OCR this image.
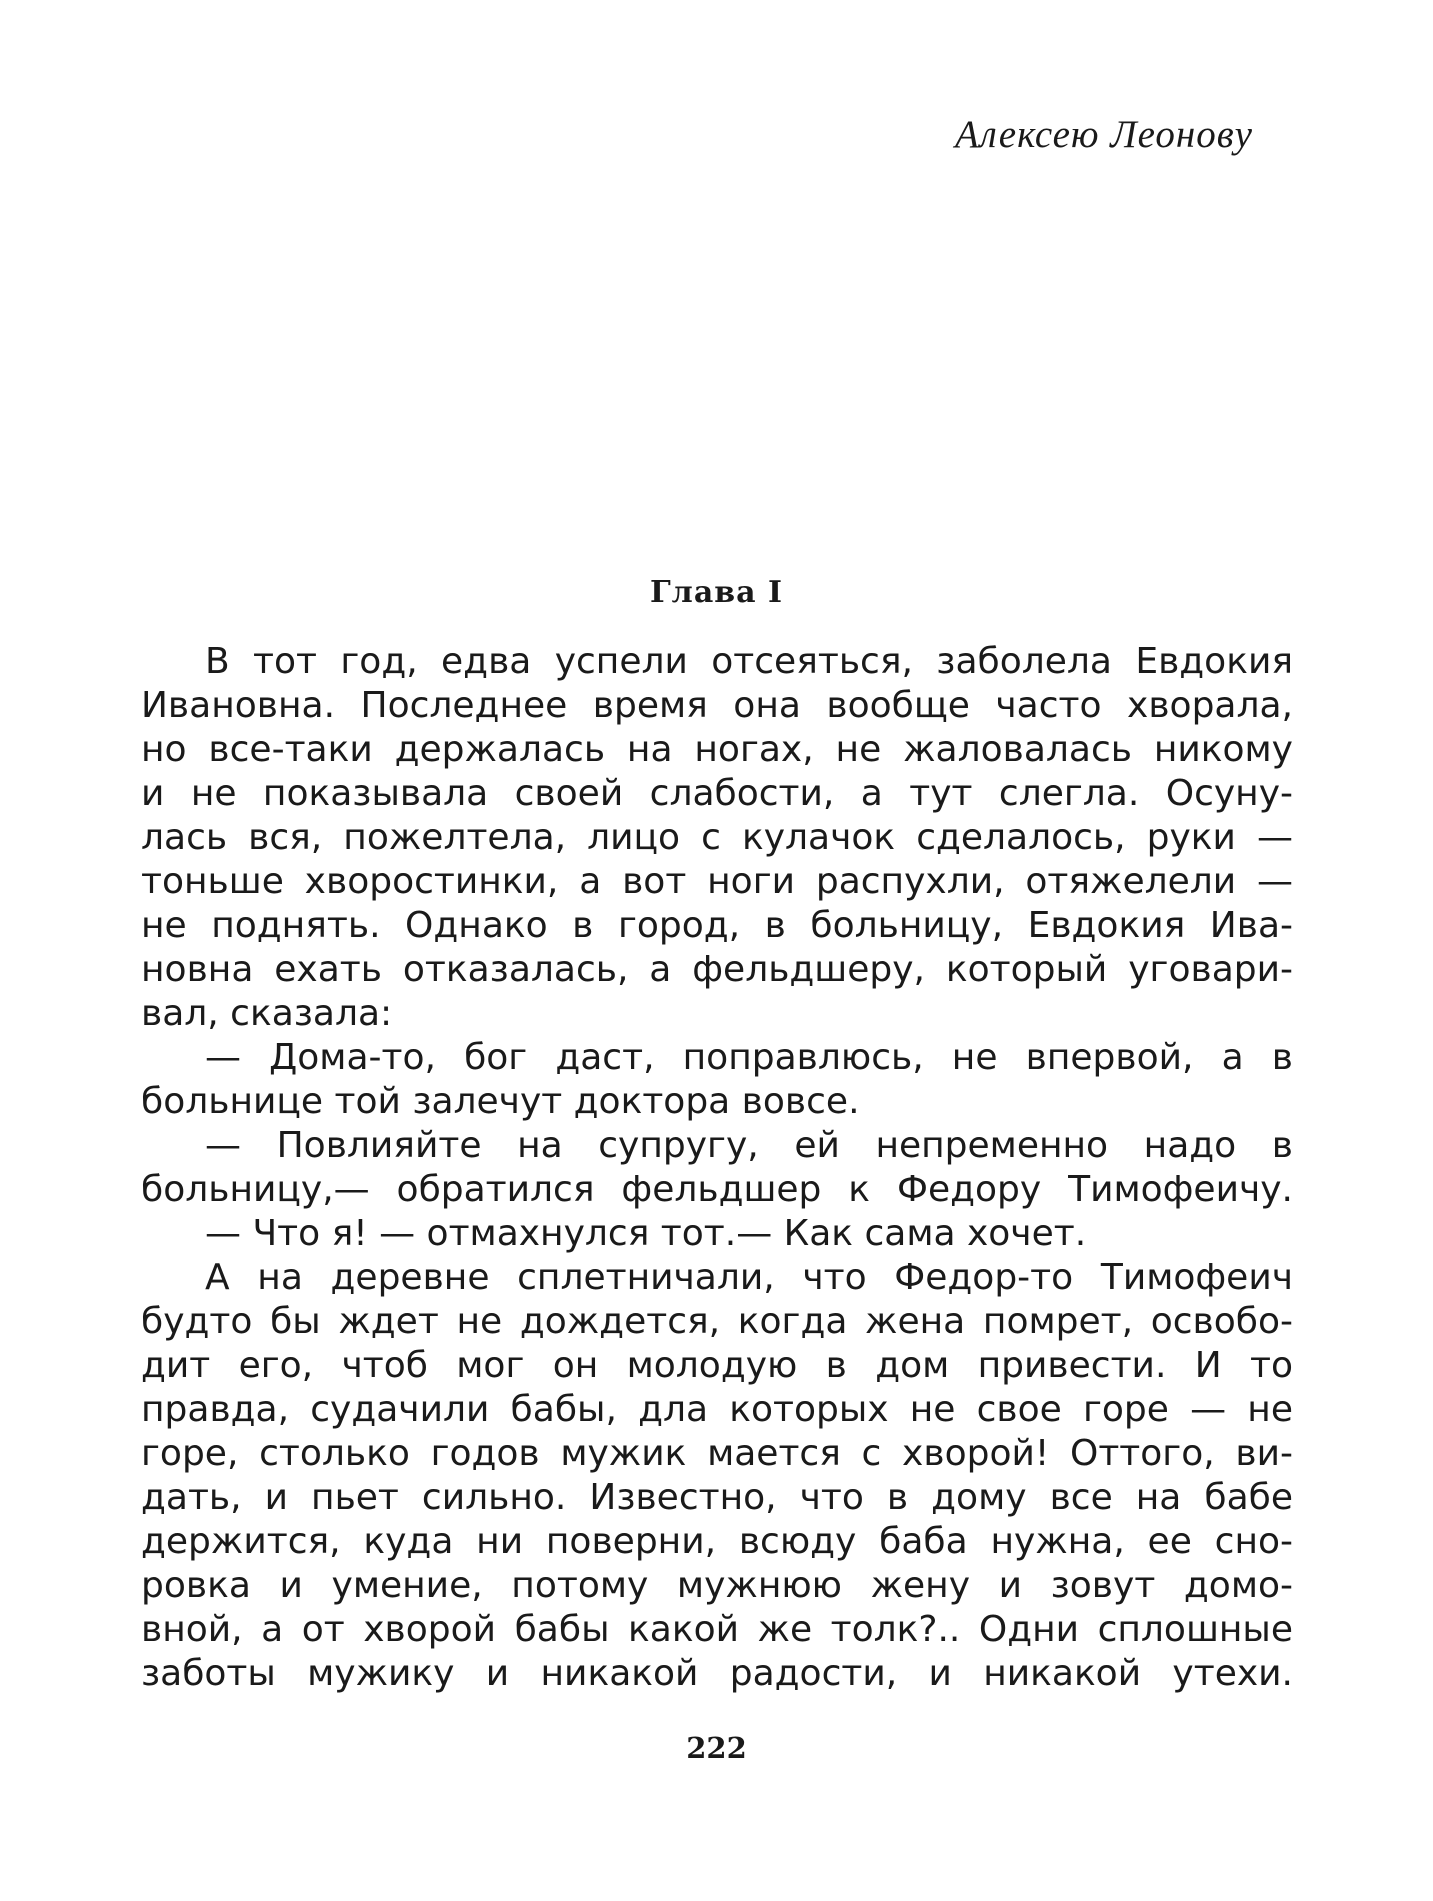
Алексею Леонову
Глава I
В тот год, едва успели отсеяться, заболела Евдокия
Ивановна. Последнее время она вообще часто хворала,
но все-таки держалась на ногах, не жаловалась никому
и не показывала своей слабости, а тут слегла. Осуну-
лась вся, пожелтела, лицо с кулачок сделалось, руки —
тоньше хворостинки, а вот ноги распухли, отяжелели —
не поднять. Однако в город, в больницу, Евдокия Ива-
новна ехать отказалась, а фельдшеру, который уговари-
вал, сказала:
— Дома-то, бог даст, поправлюсь, не впервой, а в
больнице той залечут доктора вовсе.
— Повлияйте на супругу, ей непременно надо в
больницу,— обратился фельдшер к Федору Тимофеичу.
— Что я! — отмахнулся тот.— Как сама хочет.
А на деревне сплетничали, что Федор-то Тимофеич
будто бы ждет не дождется, когда жена помрет, освобо-
дит его, чтоб мог он молодую в дом привести. И то
правда, судачили бабы, дла которых не свое горе — не
горе, столько годов мужик мается с хворой! Оттого, ви-
дать, и пьет сильно. Известно, что в дому все на бабе
держится, куда ни поверни, всюду баба нужна, ее сно-
ровка и умение, потому мужнюю жену и зовут домо-
вной, а от хворой бабы какой же толк?.. Одни сплошные
заботы мужику и никакой радости, и никакой утехи.
222
